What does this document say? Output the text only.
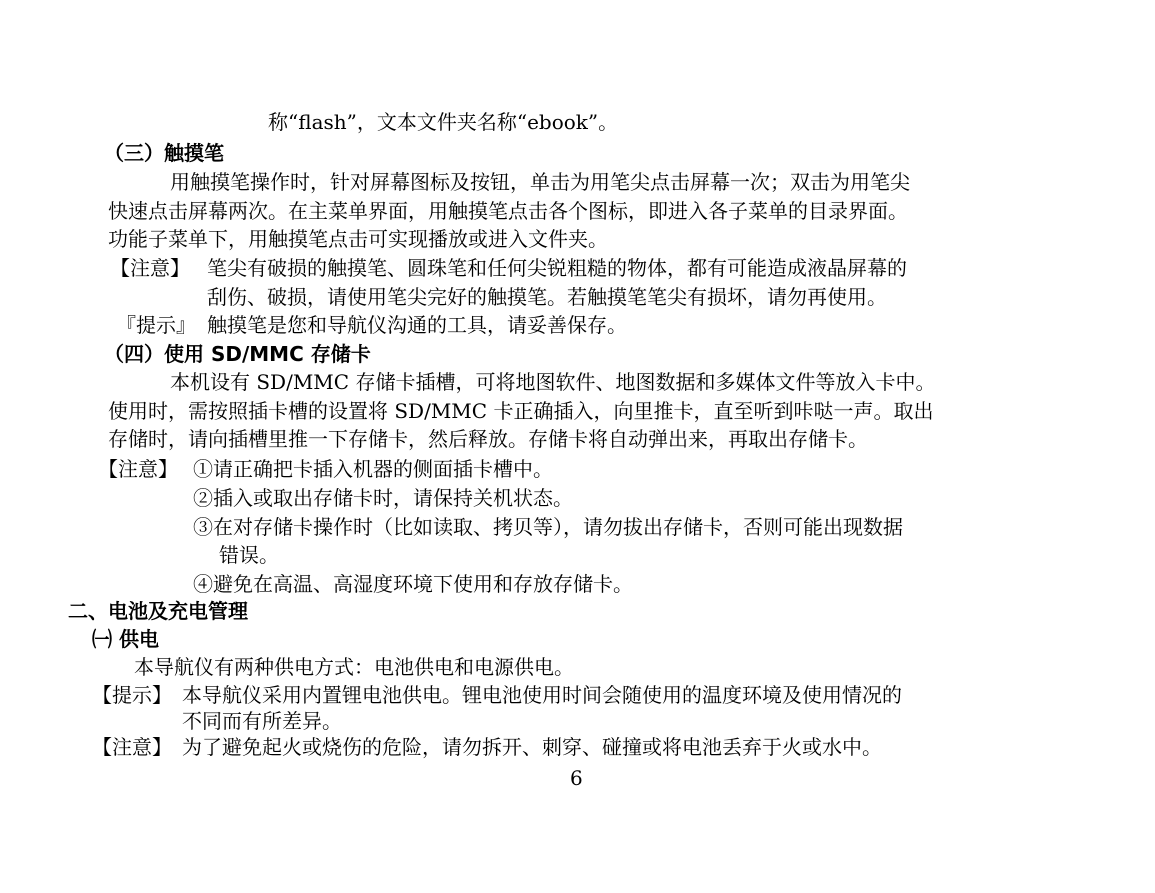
称“flash”，文本文件夹名称“ebook”。
（三）触摸笔
用触摸笔操作时，针对屏幕图标及按钮，单击为用笔尖点击屏幕一次；双击为用笔尖
快速点击屏幕两次。在主菜单界面，用触摸笔点击各个图标，即进入各子菜单的目录界面。
功能子菜单下，用触摸笔点击可实现播放或进入文件夹。
【注意】 笔尖有破损的触摸笔、圆珠笔和任何尖锐粗糙的物体，都有可能造成液晶屏幕的
刮伤、破损，请使用笔尖完好的触摸笔。若触摸笔笔尖有损坏，请勿再使用。
『提示』 触摸笔是您和导航仪沟通的工具，请妥善保存。
（四）使用 SD/MMC 存储卡
本机设有 SD/MMC 存储卡插槽，可将地图软件、地图数据和多媒体文件等放入卡中。
使用时，需按照插卡槽的设置将 SD/MMC 卡正确插入，向里推卡，直至听到咔哒一声。取出
存储时，请向插槽里推一下存储卡，然后释放。存储卡将自动弹出来，再取出存储卡。
【注意】 ①请正确把卡插入机器的侧面插卡槽中。
②插入或取出存储卡时，请保持关机状态。
③在对存储卡操作时（比如读取、拷贝等），请勿拔出存储卡，否则可能出现数据
错误。
④避免在高温、高湿度环境下使用和存放存储卡。
二、电池及充电管理
㈠ 供电
本导航仪有两种供电方式：电池供电和电源供电。
【提示】 本导航仪采用内置锂电池供电。锂电池使用时间会随使用的温度环境及使用情况的
不同而有所差异。
【注意】 为了避免起火或烧伤的危险，请勿拆开、刺穿、碰撞或将电池丢弃于火或水中。
6
